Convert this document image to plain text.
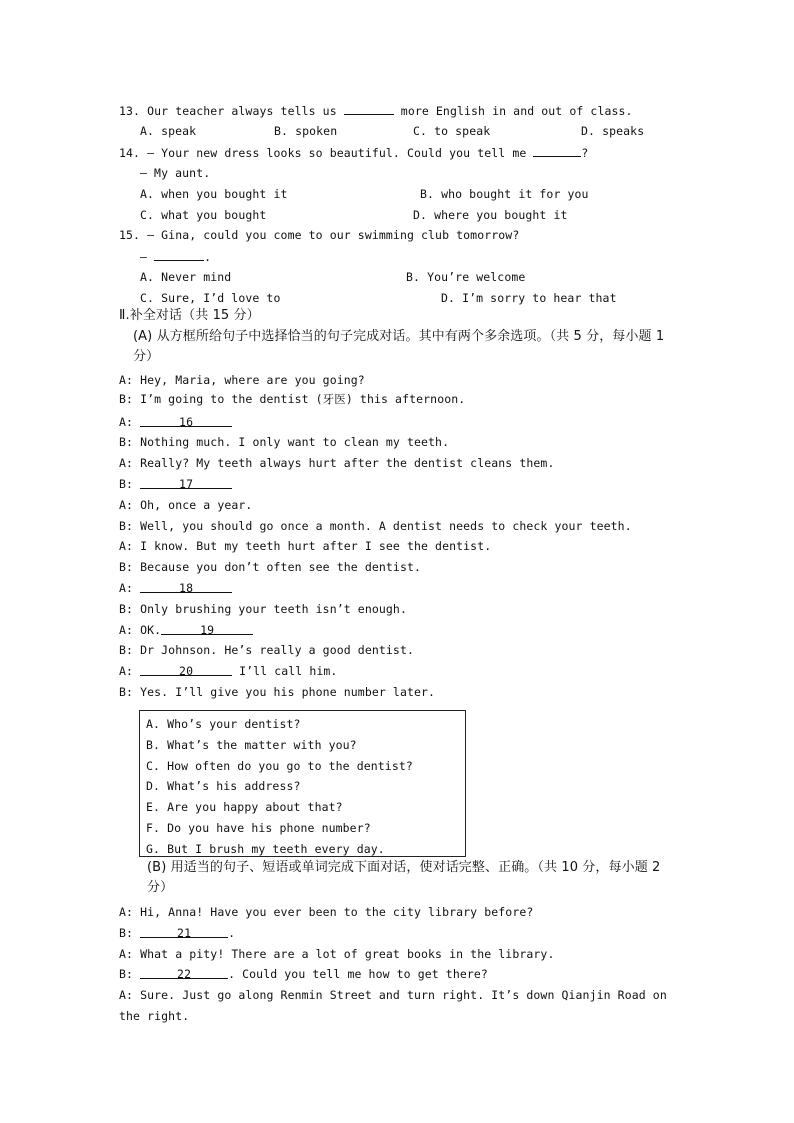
13. Our teacher always tells us	more English in and out of class.
A. speak	B. spoken	C. to speak	D. speaks
14. — Your new dress looks so beautiful. Could you tell me	?
— My aunt.
A. when you bought it	B. who bought it for you
C. what you bought	D. where you bought it
15. — Gina, could you come to our swimming club tomorrow?
—	.
A. Never mind	B. You’re welcome
C. Sure, I’d love to	D. I’m sorry to hear that
Ⅱ.补全对话（共 15 分）
(A) 从方框所给句子中选择恰当的句子完成对话。其中有两个多余选项。（共 5 分，每小题 1 分）
A: Hey, Maria, where are you going?
B: I’m going to the dentist (牙医) this afternoon.
A:	16
B: Nothing much. I only want to clean my teeth.
A: Really? My teeth always hurt after the dentist cleans them.
B:	17
A: Oh, once a year.
B: Well, you should go once a month. A dentist needs to check your teeth.
A: I know. But my teeth hurt after I see the dentist.
B: Because you don’t often see the dentist.
A:	18
B: Only brushing your teeth isn’t enough.
A: OK.	19
B: Dr Johnson. He’s really a good dentist.
A:	20	I’ll call him.
B: Yes. I’ll give you his phone number later.
A. Who’s your dentist?
B. What’s the matter with you?
C. How often do you go to the dentist?
D. What’s his address?
E. Are you happy about that?
F. Do you have his phone number?
G. But I brush my teeth every day.
(B) 用适当的句子、短语或单词完成下面对话，使对话完整、正确。（共 10 分，每小题 2 分）
A: Hi, Anna! Have you ever been to the city library before?
B:	21	.
A: What a pity! There are a lot of great books in the library.
B:	22	. Could you tell me how to get there?
A: Sure. Just go along Renmin Street and turn right. It’s down Qianjin Road on
the right.
